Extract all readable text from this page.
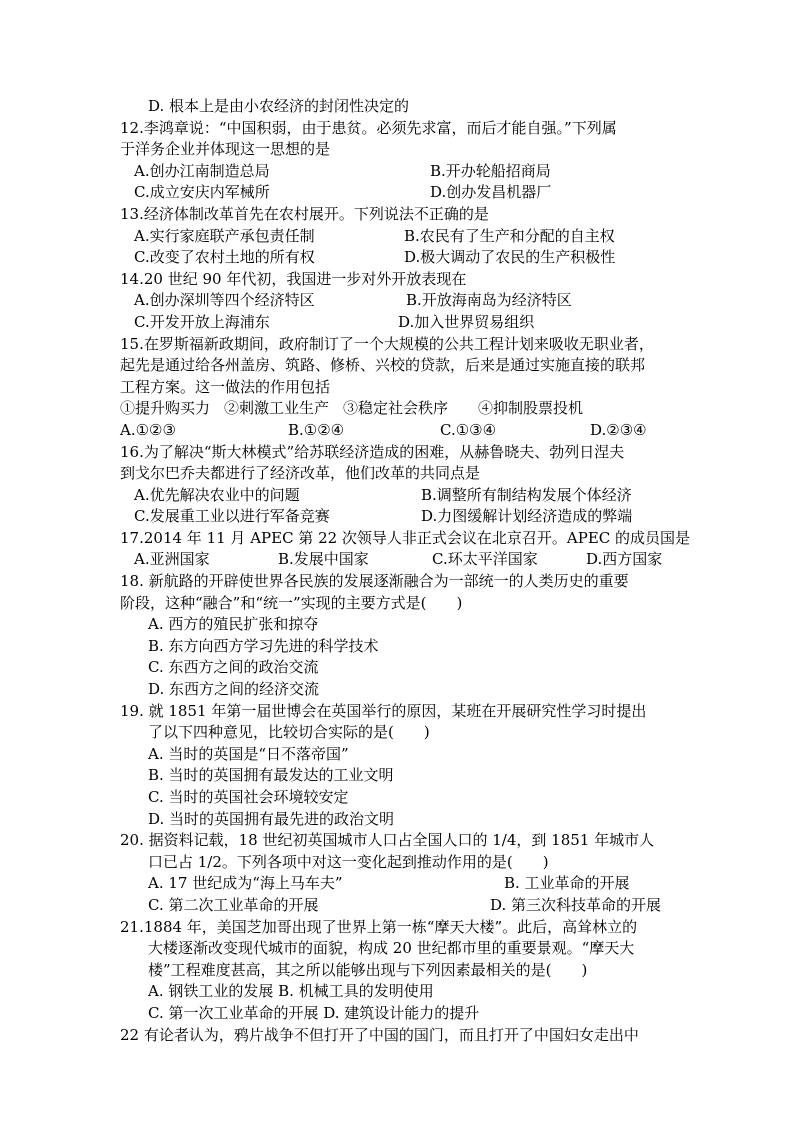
D. 根本上是由小农经济的封闭性决定的
12.李鸿章说：“中国积弱，由于患贫。必须先求富，而后才能自强。”下列属
于洋务企业并体现这一思想的是
A.创办江南制造总局	B.开办轮船招商局
C.成立安庆内军械所	D.创办发昌机器厂
13.经济体制改革首先在农村展开。下列说法不正确的是
A.实行家庭联产承包责任制	B.农民有了生产和分配的自主权
C.改变了农村土地的所有权	D.极大调动了农民的生产积极性
14.20 世纪 90 年代初，我国进一步对外开放表现在
A.创办深圳等四个经济特区	B.开放海南岛为经济特区
C.开发开放上海浦东	D.加入世界贸易组织
15.在罗斯福新政期间，政府制订了一个大规模的公共工程计划来吸收无职业者，
起先是通过给各州盖房、筑路、修桥、兴校的贷款，后来是通过实施直接的联邦
工程方案。这一做法的作用包括
①提升购买力 ②刺激工业生产 ③稳定社会秩序 ④抑制股票投机
A.①②③	B.①②④	C.①③④	D.②③④
16.为了解决“斯大林模式”给苏联经济造成的困难，从赫鲁晓夫、勃列日涅夫
到戈尔巴乔夫都进行了经济改革，他们改革的共同点是
A.优先解决农业中的问题	B.调整所有制结构发展个体经济
C.发展重工业以进行军备竞赛	D.力图缓解计划经济造成的弊端
17.2014 年 11 月 APEC 第 22 次领导人非正式会议在北京召开。APEC 的成员国是
A.亚洲国家	B.发展中国家	C.环太平洋国家	D.西方国家
18. 新航路的开辟使世界各民族的发展逐渐融合为一部统一的人类历史的重要
阶段，这种“融合”和“统一”实现的主要方式是(　　)
A. 西方的殖民扩张和掠夺
B. 东方向西方学习先进的科学技术
C. 东西方之间的政治交流
D. 东西方之间的经济交流
19. 就 1851 年第一届世博会在英国举行的原因，某班在开展研究性学习时提出
了以下四种意见，比较切合实际的是(　　)
A. 当时的英国是“日不落帝国”
B. 当时的英国拥有最发达的工业文明
C. 当时的英国社会环境较安定
D. 当时的英国拥有最先进的政治文明
20. 据资料记载，18 世纪初英国城市人口占全国人口的 1/4，到 1851 年城市人
口已占 1/2。下列各项中对这一变化起到推动作用的是(　　)
A. 17 世纪成为“海上马车夫”	B. 工业革命的开展
C. 第二次工业革命的开展	D. 第三次科技革命的开展
21.1884 年，美国芝加哥出现了世界上第一栋“摩天大楼”。此后，高耸林立的
大楼逐渐改变现代城市的面貌，构成 20 世纪都市里的重要景观。“摩天大
楼”工程难度甚高，其之所以能够出现与下列因素最相关的是(　　)
A. 钢铁工业的发展 B. 机械工具的发明使用
C. 第一次工业革命的开展 D. 建筑设计能力的提升
22 有论者认为，鸦片战争不但打开了中国的国门，而且打开了中国妇女走出中
